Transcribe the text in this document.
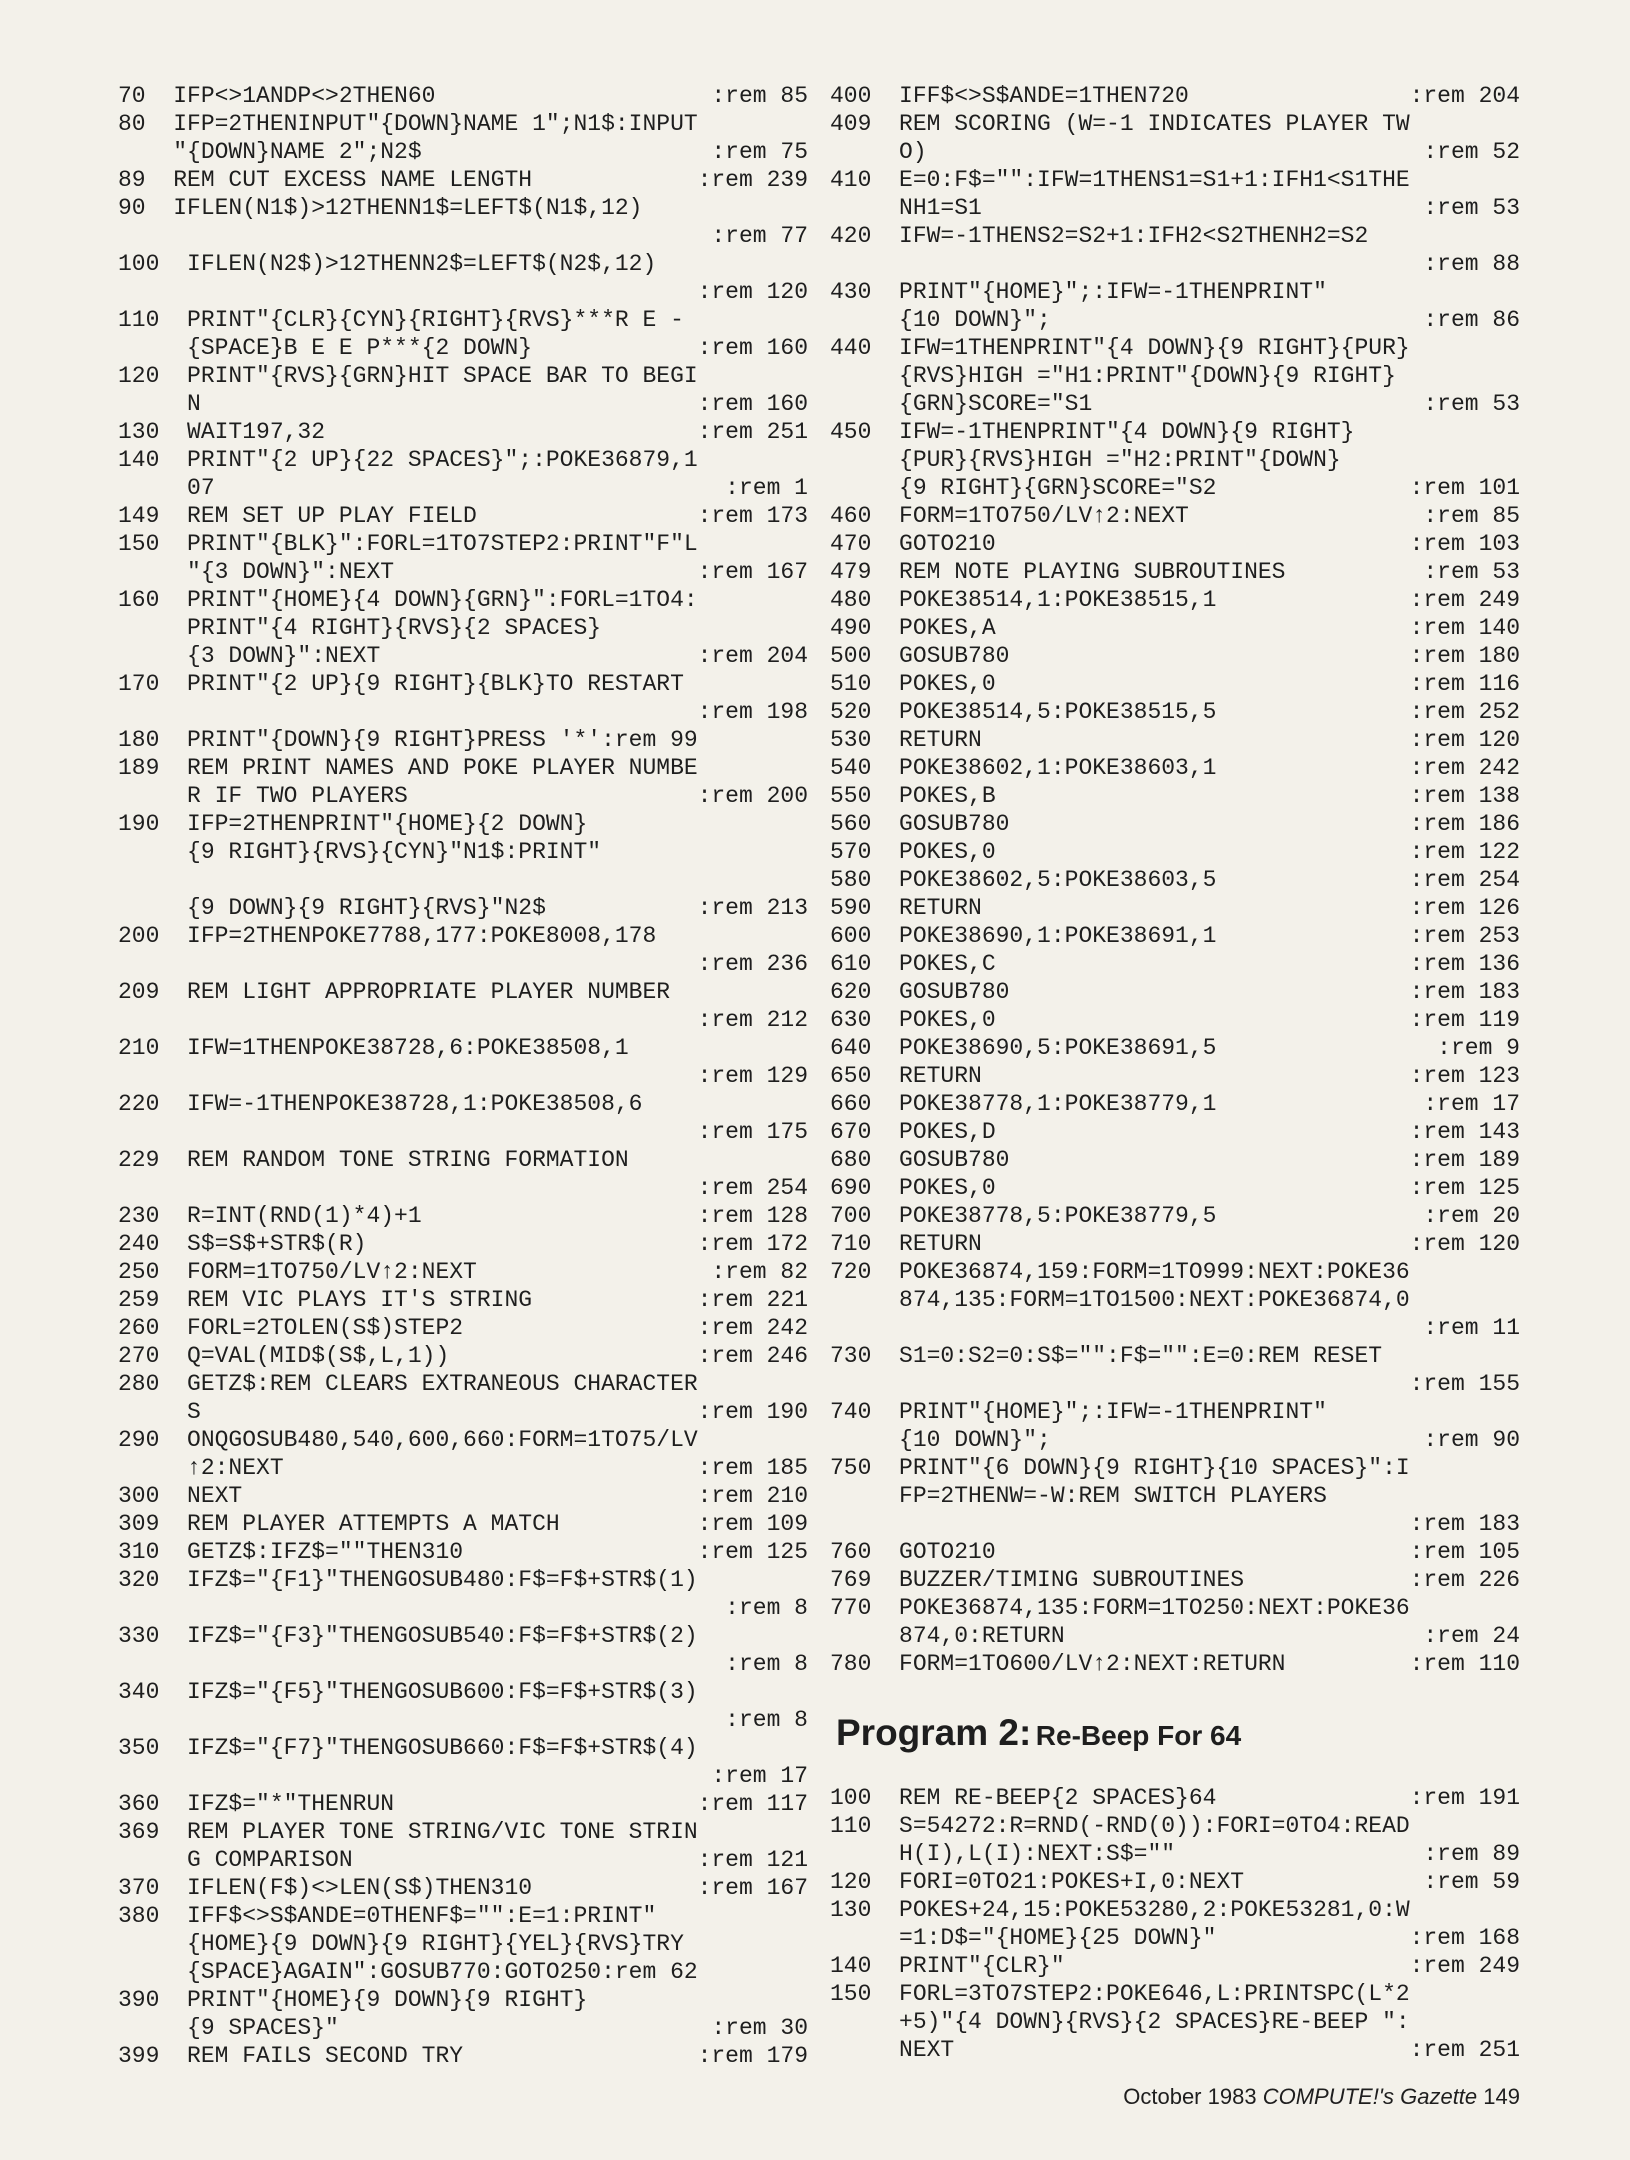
70  IFP<>1ANDP<>2THEN60	:rem 85
80  IFP=2THENINPUT"{DOWN}NAME 1";N1$:INPUT
"{DOWN}NAME 2";N2$	:rem 75
89  REM CUT EXCESS NAME LENGTH	:rem 239
90  IFLEN(N1$)>12THENN1$=LEFT$(N1$,12)
:rem 77
100  IFLEN(N2$)>12THENN2$=LEFT$(N2$,12)
:rem 120
110  PRINT"{CLR}{CYN}{RIGHT}{RVS}***R E -
{SPACE}B E E P***{2 DOWN}	:rem 160
120  PRINT"{RVS}{GRN}HIT SPACE BAR TO BEGI
N	:rem 160
130  WAIT197,32	:rem 251
140  PRINT"{2 UP}{22 SPACES}";:POKE36879,1
07	:rem 1
149  REM SET UP PLAY FIELD	:rem 173
150  PRINT"{BLK}":FORL=1TO7STEP2:PRINT"F"L
"{3 DOWN}":NEXT	:rem 167
160  PRINT"{HOME}{4 DOWN}{GRN}":FORL=1TO4:
PRINT"{4 RIGHT}{RVS}{2 SPACES}
{3 DOWN}":NEXT	:rem 204
170  PRINT"{2 UP}{9 RIGHT}{BLK}TO RESTART
:rem 198
180  PRINT"{DOWN}{9 RIGHT}PRESS '*':rem 99
189  REM PRINT NAMES AND POKE PLAYER NUMBE
R IF TWO PLAYERS	:rem 200
190  IFP=2THENPRINT"{HOME}{2 DOWN}
{9 RIGHT}{RVS}{CYN}"N1$:PRINT"
{9 DOWN}{9 RIGHT}{RVS}"N2$	:rem 213
200  IFP=2THENPOKE7788,177:POKE8008,178
:rem 236
209  REM LIGHT APPROPRIATE PLAYER NUMBER
:rem 212
210  IFW=1THENPOKE38728,6:POKE38508,1
:rem 129
220  IFW=-1THENPOKE38728,1:POKE38508,6
:rem 175
229  REM RANDOM TONE STRING FORMATION
:rem 254
230  R=INT(RND(1)*4)+1	:rem 128
240  S$=S$+STR$(R)	:rem 172
250  FORM=1TO750/LV↑2:NEXT	:rem 82
259  REM VIC PLAYS IT'S STRING	:rem 221
260  FORL=2TOLEN(S$)STEP2	:rem 242
270  Q=VAL(MID$(S$,L,1))	:rem 246
280  GETZ$:REM CLEARS EXTRANEOUS CHARACTER
S	:rem 190
290  ONQGOSUB480,540,600,660:FORM=1TO75/LV
↑2:NEXT	:rem 185
300  NEXT	:rem 210
309  REM PLAYER ATTEMPTS A MATCH	:rem 109
310  GETZ$:IFZ$=""THEN310	:rem 125
320  IFZ$="{F1}"THENGOSUB480:F$=F$+STR$(1)
:rem 8
330  IFZ$="{F3}"THENGOSUB540:F$=F$+STR$(2)
:rem 8
340  IFZ$="{F5}"THENGOSUB600:F$=F$+STR$(3)
:rem 8
350  IFZ$="{F7}"THENGOSUB660:F$=F$+STR$(4)
:rem 17
360  IFZ$="*"THENRUN	:rem 117
369  REM PLAYER TONE STRING/VIC TONE STRIN
G COMPARISON	:rem 121
370  IFLEN(F$)<>LEN(S$)THEN310	:rem 167
380  IFF$<>S$ANDE=0THENF$="":E=1:PRINT"
{HOME}{9 DOWN}{9 RIGHT}{YEL}{RVS}TRY
{SPACE}AGAIN":GOSUB770:GOTO250:rem 62
390  PRINT"{HOME}{9 DOWN}{9 RIGHT}
{9 SPACES}"	:rem 30
399  REM FAILS SECOND TRY	:rem 179
400  IFF$<>S$ANDE=1THEN720	:rem 204
409  REM SCORING (W=-1 INDICATES PLAYER TW
O)	:rem 52
410  E=0:F$="":IFW=1THENS1=S1+1:IFH1<S1THE
NH1=S1	:rem 53
420  IFW=-1THENS2=S2+1:IFH2<S2THENH2=S2
:rem 88
430  PRINT"{HOME}";:IFW=-1THENPRINT"
{10 DOWN}";	:rem 86
440  IFW=1THENPRINT"{4 DOWN}{9 RIGHT}{PUR}
{RVS}HIGH ="H1:PRINT"{DOWN}{9 RIGHT}
{GRN}SCORE="S1	:rem 53
450  IFW=-1THENPRINT"{4 DOWN}{9 RIGHT}
{PUR}{RVS}HIGH ="H2:PRINT"{DOWN}
{9 RIGHT}{GRN}SCORE="S2	:rem 101
460  FORM=1TO750/LV↑2:NEXT	:rem 85
470  GOTO210	:rem 103
479  REM NOTE PLAYING SUBROUTINES	:rem 53
480  POKE38514,1:POKE38515,1	:rem 249
490  POKES,A	:rem 140
500  GOSUB780	:rem 180
510  POKES,0	:rem 116
520  POKE38514,5:POKE38515,5	:rem 252
530  RETURN	:rem 120
540  POKE38602,1:POKE38603,1	:rem 242
550  POKES,B	:rem 138
560  GOSUB780	:rem 186
570  POKES,0	:rem 122
580  POKE38602,5:POKE38603,5	:rem 254
590  RETURN	:rem 126
600  POKE38690,1:POKE38691,1	:rem 253
610  POKES,C	:rem 136
620  GOSUB780	:rem 183
630  POKES,0	:rem 119
640  POKE38690,5:POKE38691,5	:rem 9
650  RETURN	:rem 123
660  POKE38778,1:POKE38779,1	:rem 17
670  POKES,D	:rem 143
680  GOSUB780	:rem 189
690  POKES,0	:rem 125
700  POKE38778,5:POKE38779,5	:rem 20
710  RETURN	:rem 120
720  POKE36874,159:FORM=1TO999:NEXT:POKE36
874,135:FORM=1TO1500:NEXT:POKE36874,0
:rem 11
730  S1=0:S2=0:S$="":F$="":E=0:REM RESET
:rem 155
740  PRINT"{HOME}";:IFW=-1THENPRINT"
{10 DOWN}";	:rem 90
750  PRINT"{6 DOWN}{9 RIGHT}{10 SPACES}":I
FP=2THENW=-W:REM SWITCH PLAYERS
:rem 183
760  GOTO210	:rem 105
769  BUZZER/TIMING SUBROUTINES	:rem 226
770  POKE36874,135:FORM=1TO250:NEXT:POKE36
874,0:RETURN	:rem 24
780  FORM=1TO600/LV↑2:NEXT:RETURN	:rem 110
Program 2: Re-Beep For 64
100  REM RE-BEEP{2 SPACES}64	:rem 191
110  S=54272:R=RND(-RND(0)):FORI=0TO4:READ
H(I),L(I):NEXT:S$=""	:rem 89
120  FORI=0TO21:POKES+I,0:NEXT	:rem 59
130  POKES+24,15:POKE53280,2:POKE53281,0:W
=1:D$="{HOME}{25 DOWN}"	:rem 168
140  PRINT"{CLR}"	:rem 249
150  FORL=3TO7STEP2:POKE646,L:PRINTSPC(L*2
+5)"{4 DOWN}{RVS}{2 SPACES}RE-BEEP ":
NEXT	:rem 251
October 1983 COMPUTE!'s Gazette 149
